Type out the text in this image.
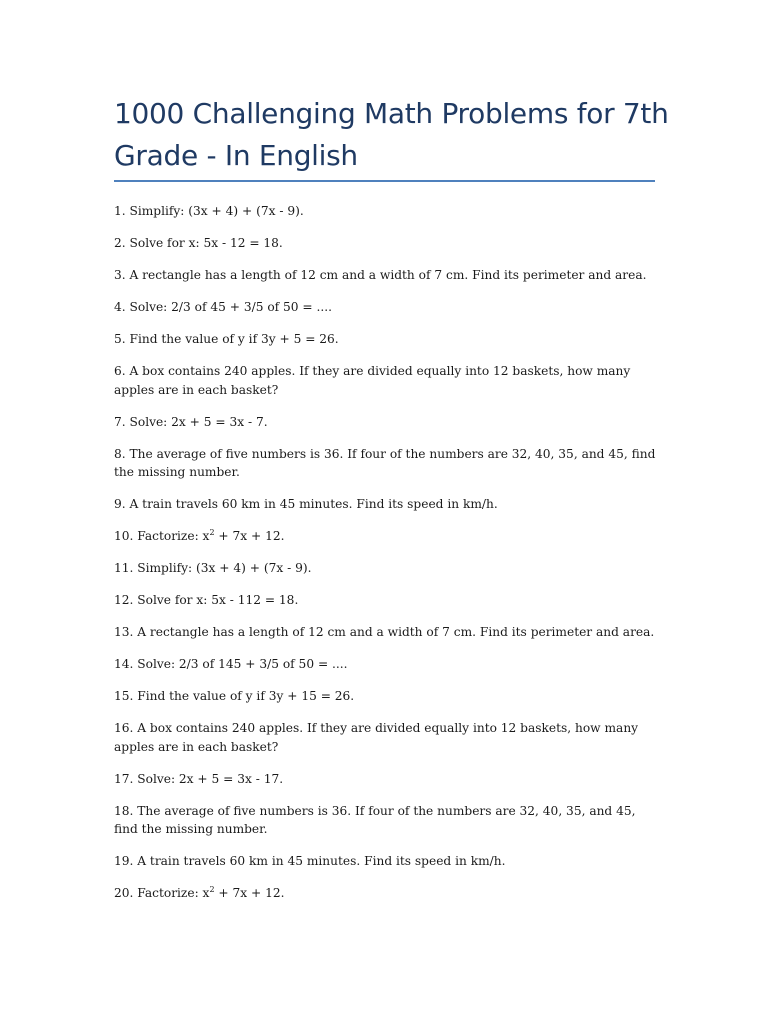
1000 Challenging Math Problems for 7th Grade - In English
1. Simplify: (3x + 4) + (7x - 9).
2. Solve for x: 5x - 12 = 18.
3. A rectangle has a length of 12 cm and a width of 7 cm. Find its perimeter and area.
4. Solve: 2/3 of 45 + 3/5 of 50 = ....
5. Find the value of y if 3y + 5 = 26.
6. A box contains 240 apples. If they are divided equally into 12 baskets, how many apples are in each basket?
7. Solve: 2x + 5 = 3x - 7.
8. The average of five numbers is 36. If four of the numbers are 32, 40, 35, and 45, find the missing number.
9. A train travels 60 km in 45 minutes. Find its speed in km/h.
10. Factorize: $x^2 + 7x + 12$.
11. Simplify: (3x + 4) + (7x - 9).
12. Solve for x: 5x - 112 = 18.
13. A rectangle has a length of 12 cm and a width of 7 cm. Find its perimeter and area.
14. Solve: 2/3 of 145 + 3/5 of 50 = ....
15. Find the value of y if 3y + 15 = 26.
16. A box contains 240 apples. If they are divided equally into 12 baskets, how many apples are in each basket?
17. Solve: 2x + 5 = 3x - 17.
18. The average of five numbers is 36. If four of the numbers are 32, 40, 35, and 45, find the missing number.
19. A train travels 60 km in 45 minutes. Find its speed in km/h.
20. Factorize: $x^2 + 7x + 12$.
